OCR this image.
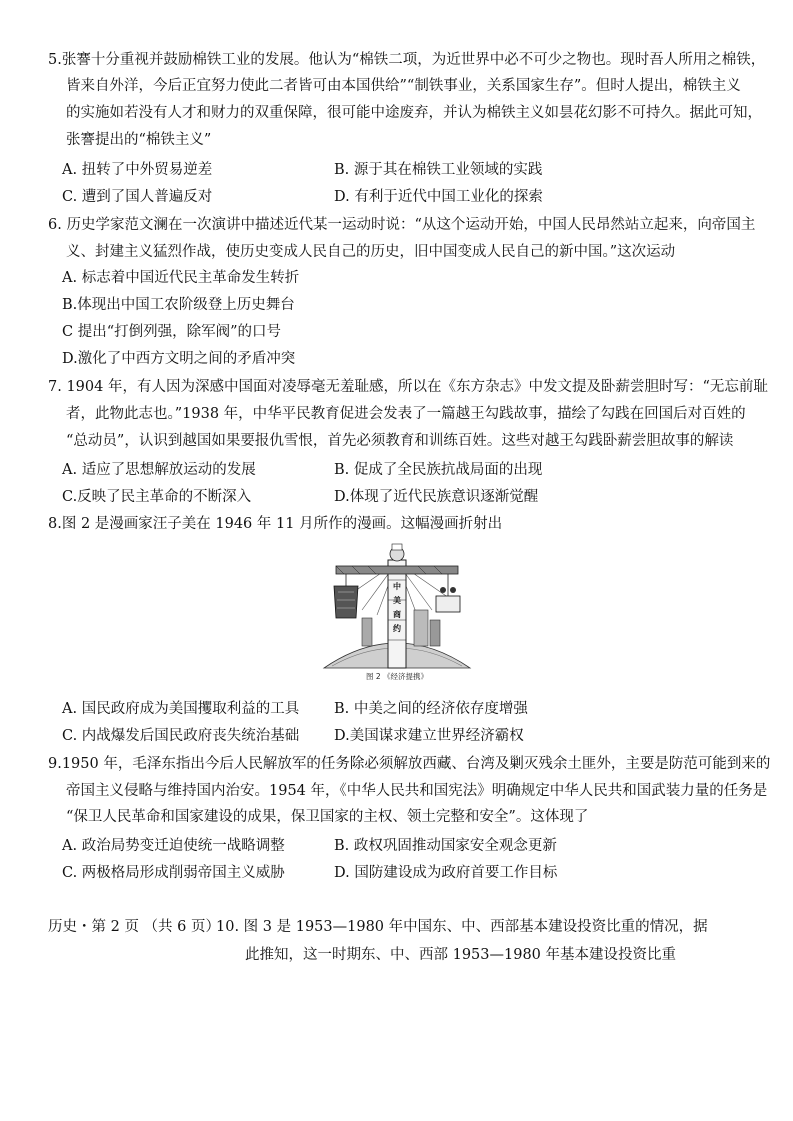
5.张謇十分重视并鼓励棉铁工业的发展。他认为“棉铁二项，为近世界中必不可少之物也。现时吾人所用之棉铁，
皆来自外洋，今后正宜努力使此二者皆可由本国供给”“制铁事业，关系国家生存”。但时人提出，棉铁主义
的实施如若没有人才和财力的双重保障，很可能中途废弃，并认为棉铁主义如昙花幻影不可持久。据此可知，
张謇提出的“棉铁主义”
A. 扭转了中外贸易逆差	B. 源于其在棉铁工业领域的实践
C. 遭到了国人普遍反对	D. 有利于近代中国工业化的探索
6. 历史学家范文澜在一次演讲中描述近代某一运动时说：“从这个运动开始，中国人民昂然站立起来，向帝国主
义、封建主义猛烈作战，使历史变成人民自己的历史，旧中国变成人民自己的新中国。”这次运动
A. 标志着中国近代民主革命发生转折
B.体现出中国工农阶级登上历史舞台
C 提出“打倒列强，除军阀”的口号
D.激化了中西方文明之间的矛盾冲突
7. 1904 年，有人因为深感中国面对凌辱毫无羞耻感，所以在《东方杂志》中发文提及卧薪尝胆时写：“无忘前耻
者，此物此志也。”1938 年，中华平民教育促进会发表了一篇越王勾践故事，描绘了勾践在回国后对百姓的
“总动员”，认识到越国如果要报仇雪恨，首先必须教育和训练百姓。这些对越王勾践卧薪尝胆故事的解读
A. 适应了思想解放运动的发展	B. 促成了全民族抗战局面的出现
C.反映了民主革命的不断深入	D.体现了近代民族意识逐渐觉醒
8.图 2 是漫画家汪子美在 1946 年 11 月所作的漫画。这幅漫画折射出
中
美
商
约
图 2 《经济提携》
A. 国民政府成为美国攫取利益的工具 B. 中美之间的经济依存度增强
C. 内战爆发后国民政府丧失统治基础 D.美国谋求建立世界经济霸权
9.1950 年，毛泽东指出今后人民解放军的任务除必须解放西藏、台湾及剿灭残余土匪外，主要是防范可能到来的
帝国主义侵略与维持国内治安。1954 年，《中华人民共和国宪法》明确规定中华人民共和国武装力量的任务是
“保卫人民革命和国家建设的成果，保卫国家的主权、领土完整和安全”。这体现了
A. 政治局势变迁迫使统一战略调整	B. 政权巩固推动国家安全观念更新
C. 两极格局形成削弱帝国主义威胁	D. 国防建设成为政府首要工作目标
历史・第 2 页 （共 6 页）
10. 图 3 是 1953—1980 年中国东、中、西部基本建设投资比重的情况，据
此推知，这一时期东、中、西部 1953—1980 年基本建设投资比重
